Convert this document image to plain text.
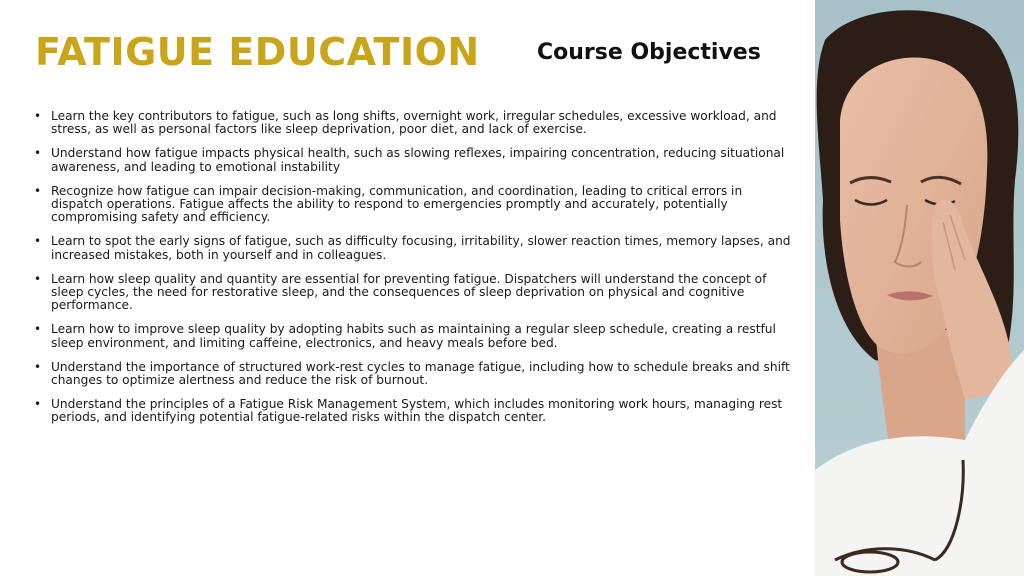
FATIGUE EDUCATION	Course Objectives
• Learn the key contributors to fatigue, such as long shifts, overnight work, irregular schedules, excessive workload, and stress, as well as personal factors like sleep deprivation, poor diet, and lack of exercise.
• Understand how fatigue impacts physical health, such as slowing reflexes, impairing concentration, reducing situational awareness, and leading to emotional instability
• Recognize how fatigue can impair decision-making, communication, and coordination, leading to critical errors in dispatch operations. Fatigue affects the ability to respond to emergencies promptly and accurately, potentially compromising safety and efficiency.
• Learn to spot the early signs of fatigue, such as difficulty focusing, irritability, slower reaction times, memory lapses, and increased mistakes, both in yourself and in colleagues.
• Learn how sleep quality and quantity are essential for preventing fatigue. Dispatchers will understand the concept of sleep cycles, the need for restorative sleep, and the consequences of sleep deprivation on physical and cognitive performance.
• Learn how to improve sleep quality by adopting habits such as maintaining a regular sleep schedule, creating a restful sleep environment, and limiting caffeine, electronics, and heavy meals before bed.
• Understand the importance of structured work-rest cycles to manage fatigue, including how to schedule breaks and shift changes to optimize alertness and reduce the risk of burnout.
• Understand the principles of a Fatigue Risk Management System, which includes monitoring work hours, managing rest periods, and identifying potential fatigue-related risks within the dispatch center.
